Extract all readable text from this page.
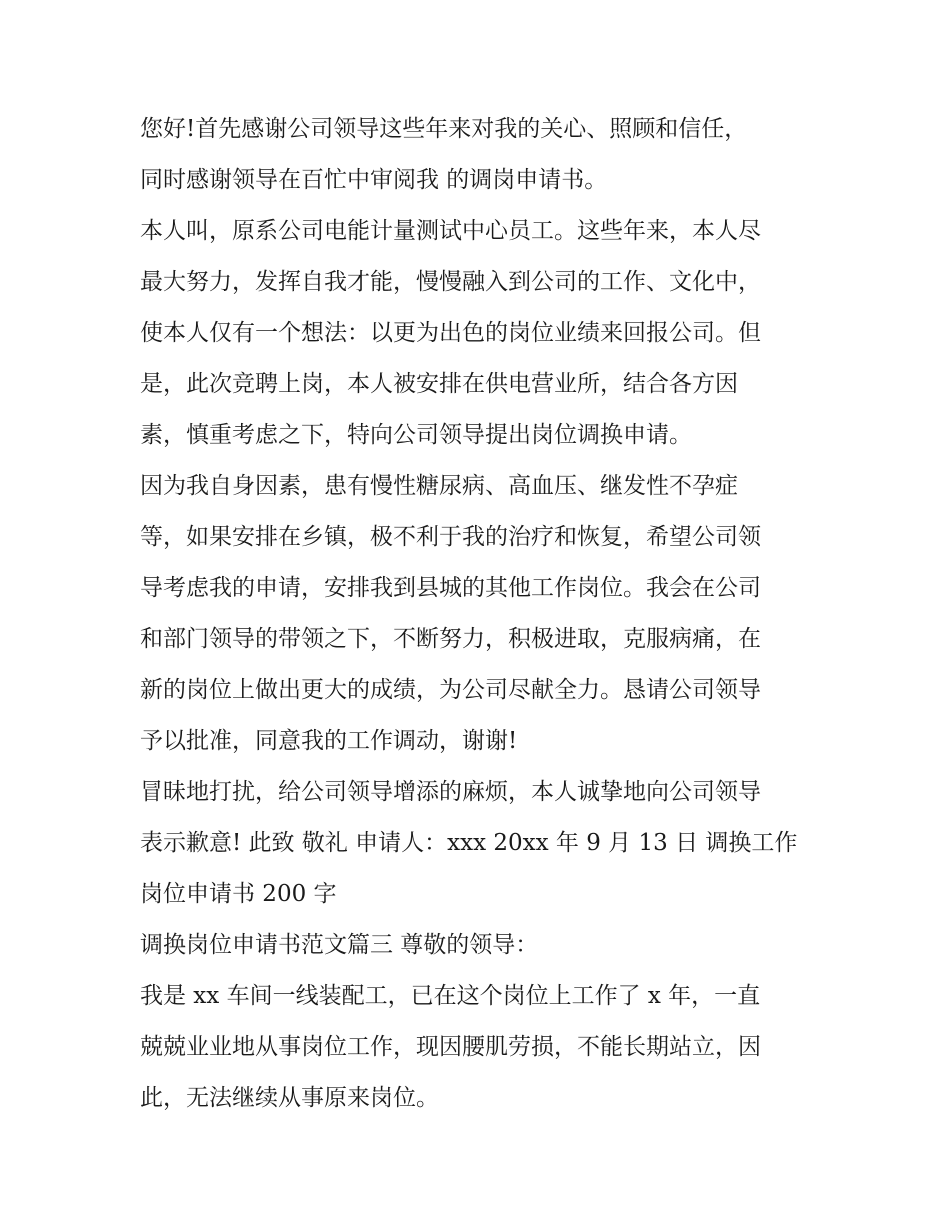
您好!首先感谢公司领导这些年来对我的关心、照顾和信任，
同时感谢领导在百忙中审阅我 的调岗申请书。
本人叫，原系公司电能计量测试中心员工。这些年来，本人尽
最大努力，发挥自我才能，慢慢融入到公司的工作、文化中，
使本人仅有一个想法：以更为出色的岗位业绩来回报公司。但
是，此次竞聘上岗，本人被安排在供电营业所，结合各方因
素，慎重考虑之下，特向公司领导提出岗位调换申请。
因为我自身因素，患有慢性糖尿病、高血压、继发性不孕症
等，如果安排在乡镇，极不利于我的治疗和恢复，希望公司领
导考虑我的申请，安排我到县城的其他工作岗位。我会在公司
和部门领导的带领之下，不断努力，积极进取，克服病痛，在
新的岗位上做出更大的成绩，为公司尽献全力。恳请公司领导
予以批准，同意我的工作调动，谢谢!
冒昧地打扰，给公司领导增添的麻烦，本人诚挚地向公司领导
表示歉意! 此致 敬礼 申请人：xxx 20xx 年 9 月 13 日 调换工作
岗位申请书 200 字
调换岗位申请书范文篇三 尊敬的领导：
我是 xx 车间一线装配工，已在这个岗位上工作了 x 年，一直
兢兢业业地从事岗位工作，现因腰肌劳损，不能长期站立，因
此，无法继续从事原来岗位。
